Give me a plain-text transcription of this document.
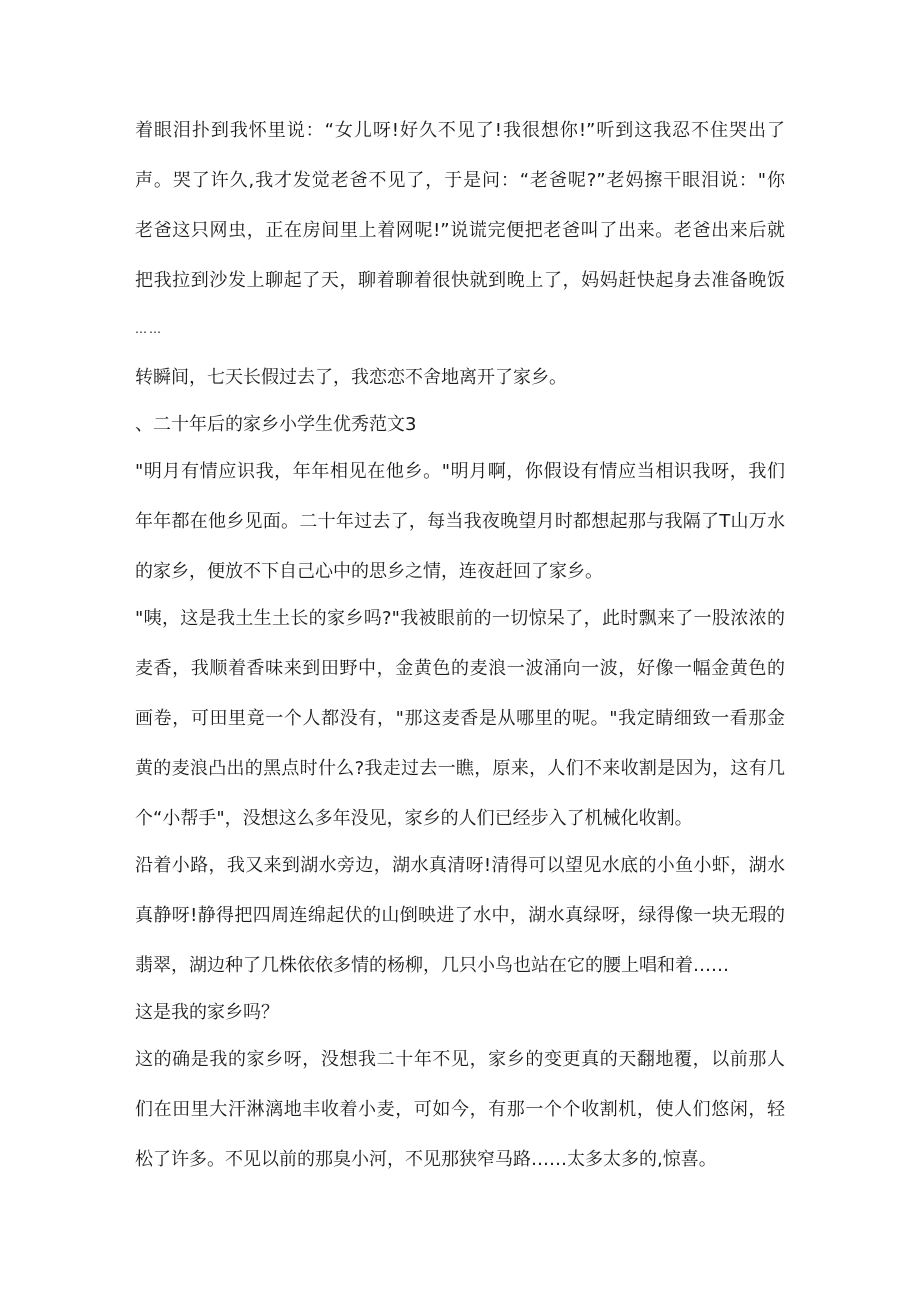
着眼泪扑到我怀里说：“女儿呀!好久不见了!我很想你!”听到这我忍不住哭出了
声。哭了许久,我才发觉老爸不见了，于是问：“老爸呢?”老妈擦干眼泪说："你
老爸这只网虫，正在房间里上着网呢!”说谎完便把老爸叫了出来。老爸出来后就
把我拉到沙发上聊起了天，聊着聊着很快就到晚上了，妈妈赶快起身去准备晚饭
……
转瞬间，七天长假过去了，我恋恋不舍地离开了家乡。
、二十年后的家乡小学生优秀范文3
"明月有情应识我，年年相见在他乡。"明月啊，你假设有情应当相识我呀，我们
年年都在他乡见面。二十年过去了，每当我夜晚望月时都想起那与我隔了T山万水
的家乡，便放不下自己心中的思乡之情，连夜赶回了家乡。
"咦，这是我土生土长的家乡吗?"我被眼前的一切惊呆了，此时飘来了一股浓浓的
麦香，我顺着香味来到田野中，金黄色的麦浪一波涌向一波，好像一幅金黄色的
画卷，可田里竟一个人都没有，"那这麦香是从哪里的呢。"我定睛细致一看那金
黄的麦浪凸出的黑点时什么?我走过去一瞧，原来，人们不来收割是因为，这有几
个“小帮手"，没想这么多年没见，家乡的人们已经步入了机械化收割。
沿着小路，我又来到湖水旁边，湖水真清呀!清得可以望见水底的小鱼小虾，湖水
真静呀!静得把四周连绵起伏的山倒映进了水中，湖水真绿呀，绿得像一块无瑕的
翡翠，湖边种了几株依依多情的杨柳，几只小鸟也站在它的腰上唱和着……
这是我的家乡吗？
这的确是我的家乡呀，没想我二十年不见，家乡的变更真的天翻地覆，以前那人
们在田里大汗淋漓地丰收着小麦，可如今，有那一个个收割机，使人们悠闲，轻
松了许多。不见以前的那臭小河，不见那狭窄马路……太多太多的,惊喜。
